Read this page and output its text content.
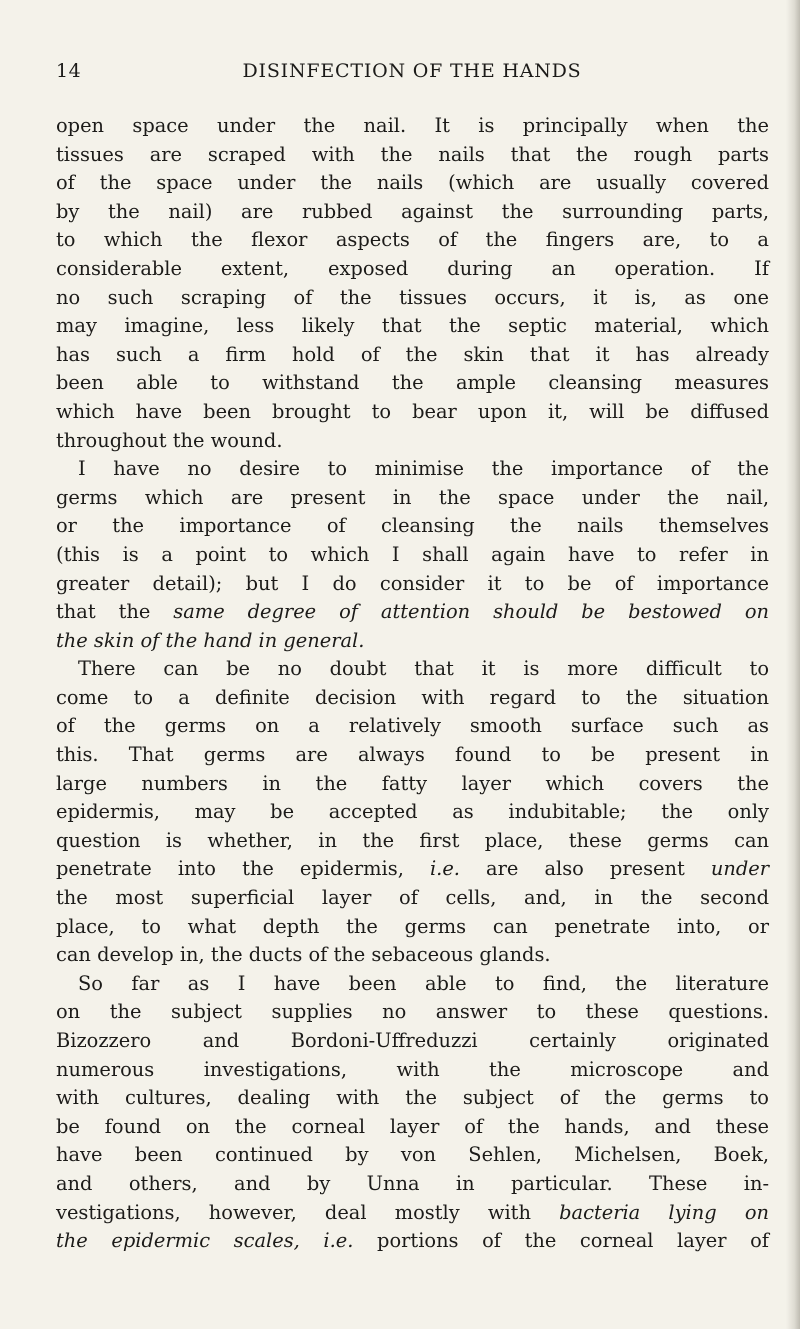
14	DISINFECTION OF THE HANDS
open space under the nail. It is principally when the
tissues are scraped with the nails that the rough parts
of the space under the nails (which are usually covered
by the nail) are rubbed against the surrounding parts,
to which the flexor aspects of the fingers are, to a
considerable extent, exposed during an operation. If
no such scraping of the tissues occurs, it is, as one
may imagine, less likely that the septic material, which
has such a firm hold of the skin that it has already
been able to withstand the ample cleansing measures
which have been brought to bear upon it, will be diffused
throughout the wound.
I have no desire to minimise the importance of the
germs which are present in the space under the nail,
or the importance of cleansing the nails themselves
(this is a point to which I shall again have to refer in
greater detail); but I do consider it to be of importance
that the same degree of attention should be bestowed on
the skin of the hand in general.
There can be no doubt that it is more difficult to
come to a definite decision with regard to the situation
of the germs on a relatively smooth surface such as
this. That germs are always found to be present in
large numbers in the fatty layer which covers the
epidermis, may be accepted as indubitable; the only
question is whether, in the first place, these germs can
penetrate into the epidermis, i.e. are also present under
the most superficial layer of cells, and, in the second
place, to what depth the germs can penetrate into, or
can develop in, the ducts of the sebaceous glands.
So far as I have been able to find, the literature
on the subject supplies no answer to these questions.
Bizozzero and Bordoni-Uffreduzzi certainly originated
numerous investigations, with the microscope and
with cultures, dealing with the subject of the germs to
be found on the corneal layer of the hands, and these
have been continued by von Sehlen, Michelsen, Boek,
and others, and by Unna in particular. These in-
vestigations, however, deal mostly with bacteria lying on
the epidermic scales, i.e. portions of the corneal layer of
